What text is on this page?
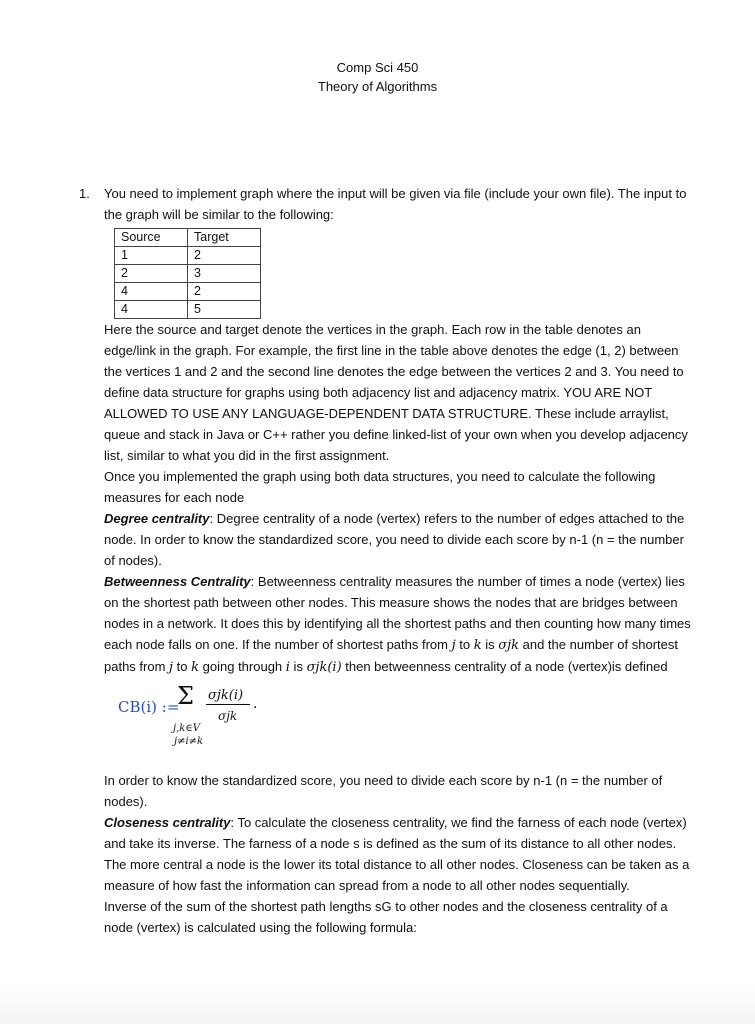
Comp Sci 450
Theory of Algorithms
1. You need to implement graph where the input will be given via file (include your own file). The input to the graph will be similar to the following:

Source	Target
1	2
2	3
4	2
4	5

Here the source and target denote the vertices in the graph. Each row in the table denotes an edge/link in the graph. For example, the first line in the table above denotes the edge (1, 2) between the vertices 1 and 2 and the second line denotes the edge between the vertices 2 and 3. You need to define data structure for graphs using both adjacency list and adjacency matrix. YOU ARE NOT ALLOWED TO USE ANY LANGUAGE-DEPENDENT DATA STRUCTURE. These include arraylist, queue and stack in Java or C++ rather you define linked-list of your own when you develop adjacency list, similar to what you did in the first assignment.

Once you implemented the graph using both data structures, you need to calculate the following measures for each node

Degree centrality: Degree centrality of a node (vertex) refers to the number of edges attached to the node. In order to know the standardized score, you need to divide each score by n-1 (n = the number of nodes).

Betweenness Centrality: Betweenness centrality measures the number of times a node (vertex) lies on the shortest path between other nodes. This measure shows the nodes that are bridges between nodes in a network. It does this by identifying all the shortest paths and then counting how many times each node falls on one. If the number of shortest paths from j to k is σjk and the number of shortest paths from j to k going through i is σjk(i) then betweenness centrality of a node (vertex)is defined

CB(i) :=
Σ σjk(i)
σjk
.
j,k∈V
j≠i≠k

In order to know the standardized score, you need to divide each score by n-1 (n = the number of nodes).

Closeness centrality: To calculate the closeness centrality, we find the farness of each node (vertex) and take its inverse. The farness of a node s is defined as the sum of its distance to all other nodes. The more central a node is the lower its total distance to all other nodes. Closeness can be taken as a measure of how fast the information can spread from a node to all other nodes sequentially.

Inverse of the sum of the shortest path lengths sG to other nodes and the closeness centrality of a node (vertex) is calculated using the following formula:
